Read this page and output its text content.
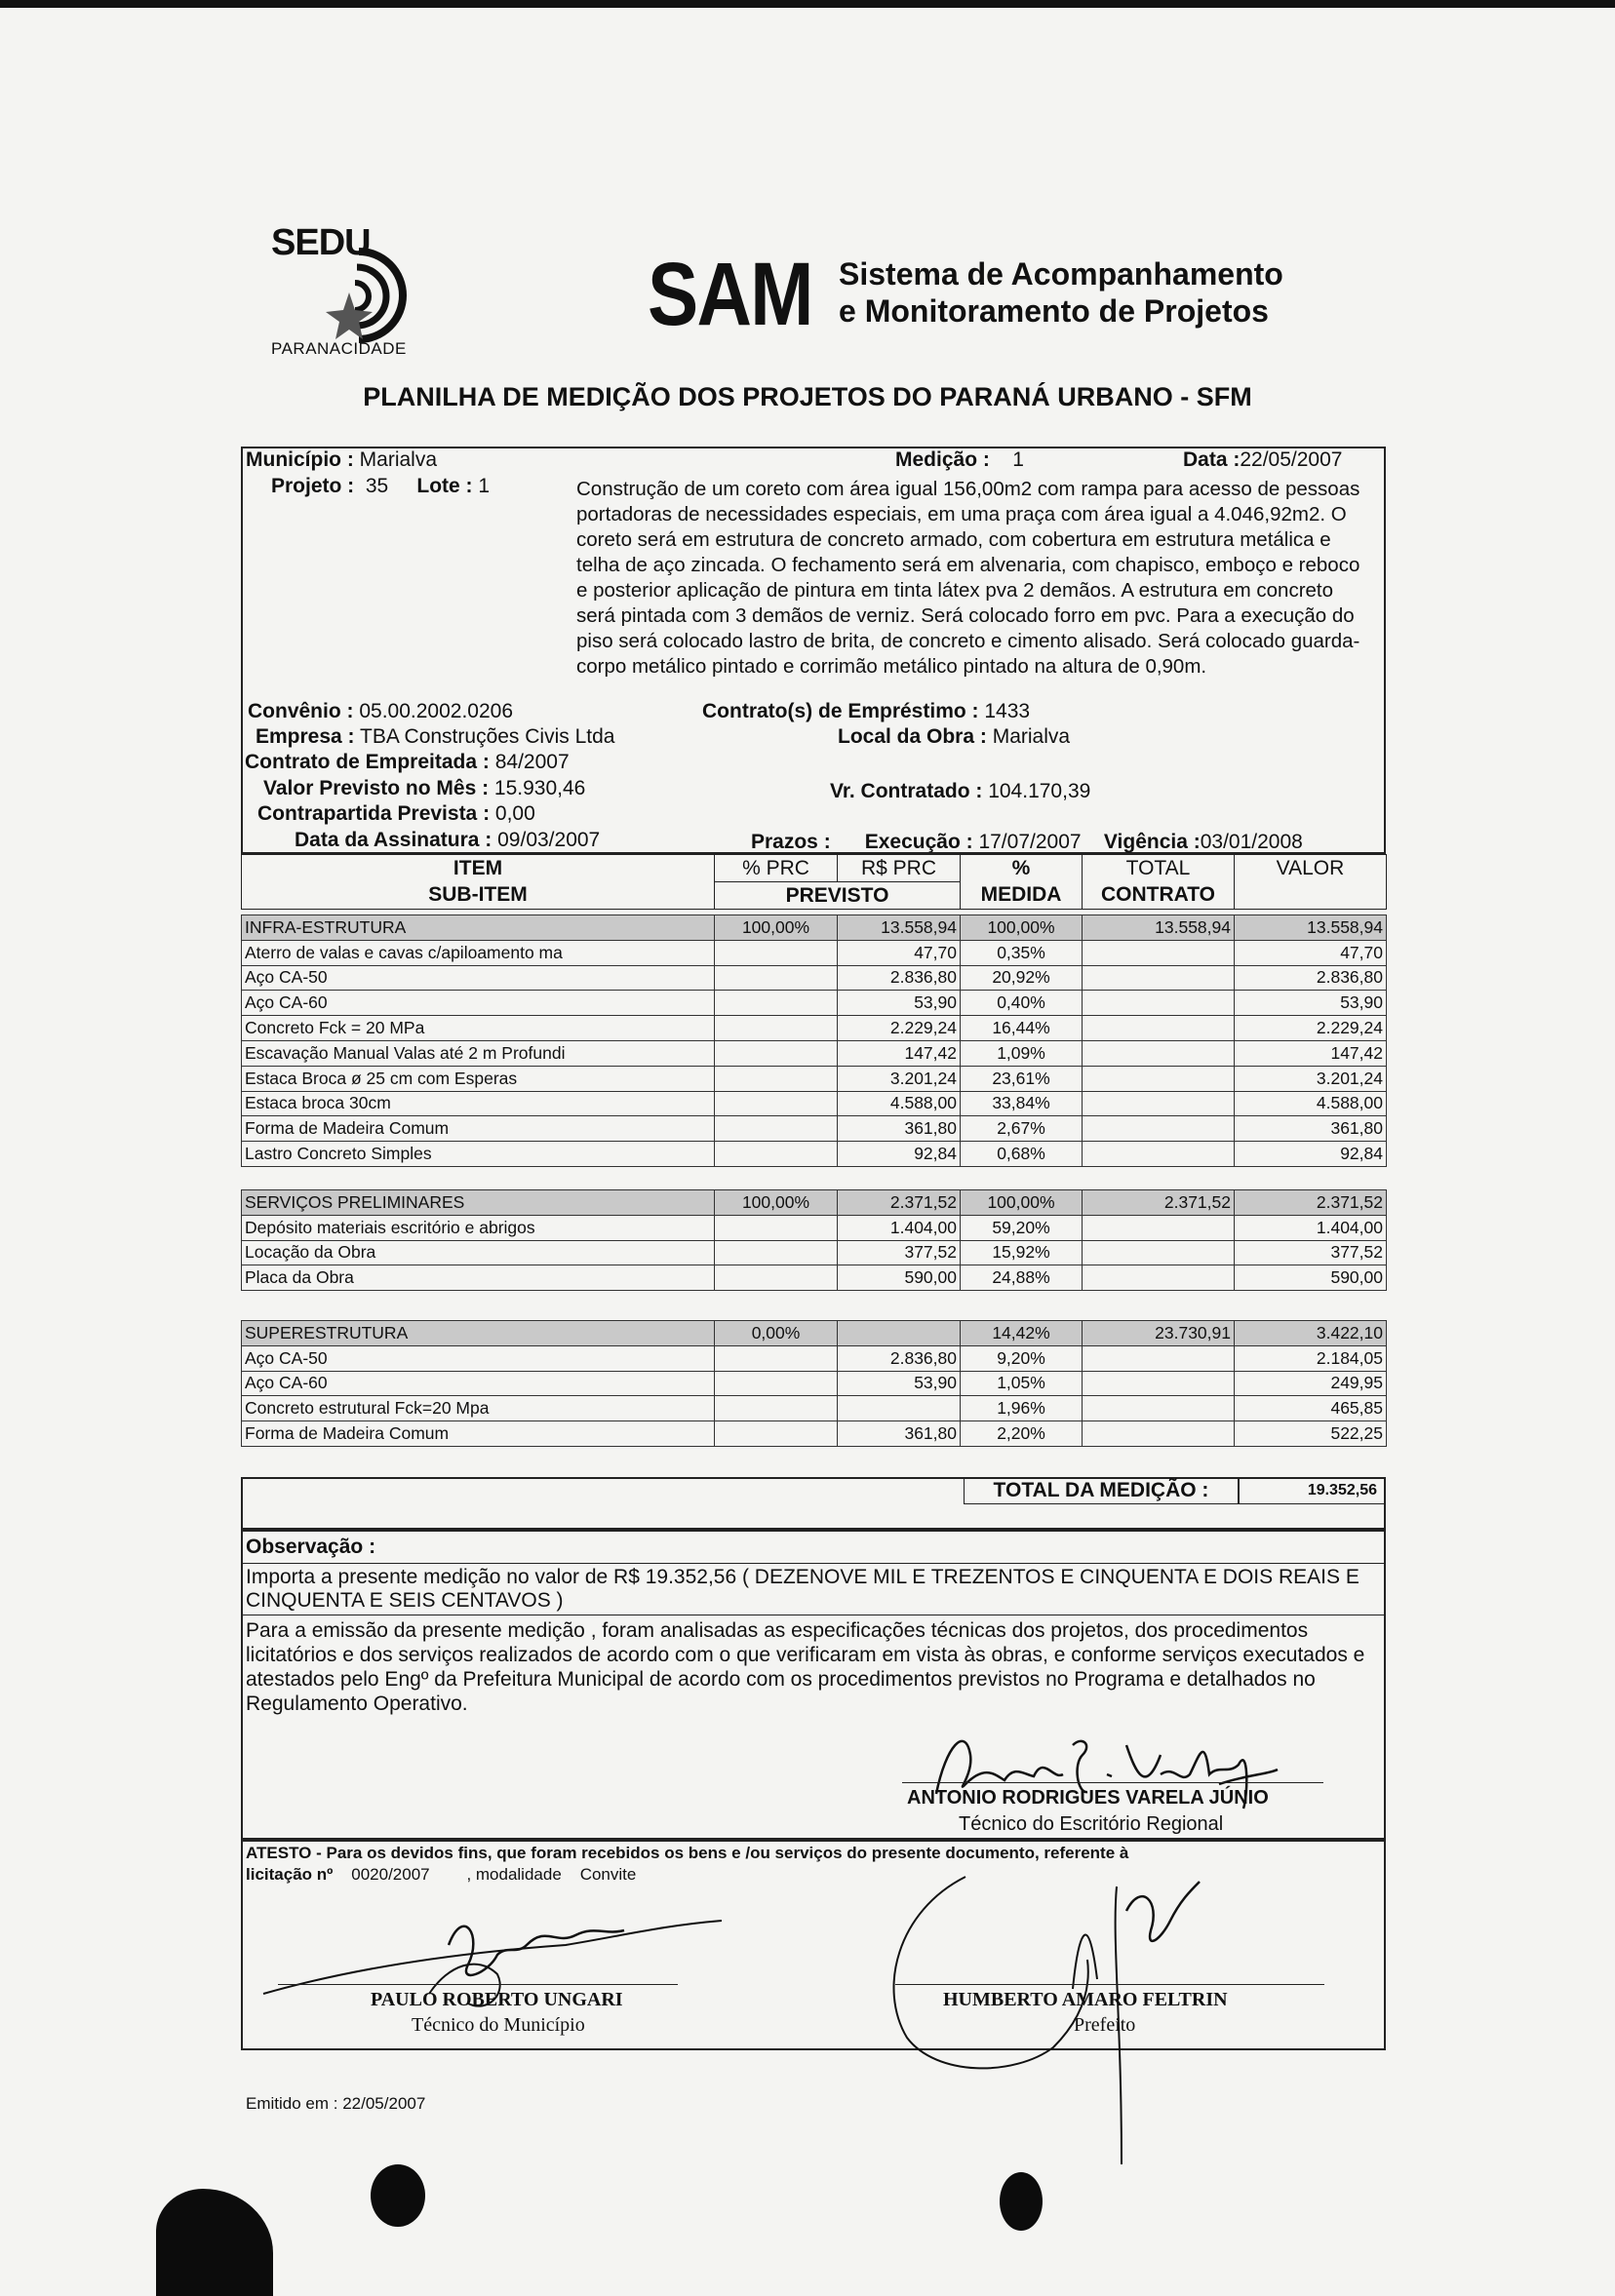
SEDU
PARANACIDADE
SAM Sistema de Acompanhamento
e Monitoramento de Projetos
PLANILHA DE MEDIÇÃO DOS PROJETOS DO PARANÁ URBANO - SFM
Município : Marialva	Medição : 1	Data :22/05/2007
Projeto : 35 Lote : 1	Construção de um coreto com área igual 156,00m2 com rampa para acesso de pessoas portadoras de necessidades especiais, em uma praça com área igual a 4.046,92m2. O coreto será em estrutura de concreto armado, com cobertura em estrutura metálica e telha de aço zincada. O fechamento será em alvenaria, com chapisco, emboço e reboco e posterior aplicação de pintura em tinta látex pva 2 demãos. A estrutura em concreto será pintada com 3 demãos de verniz. Será colocado forro em pvc. Para a execução do piso será colocado lastro de brita, de concreto e cimento alisado. Será colocado guarda-corpo metálico pintado e corrimão metálico pintado na altura de 0,90m.
Convênio : 05.00.2002.0206	Contrato(s) de Empréstimo : 1433
Empresa : TBA Construções Civis Ltda	Local da Obra : Marialva
Contrato de Empreitada : 84/2007
Valor Previsto no Mês : 15.930,46	Vr. Contratado : 104.170,39
Contrapartida Prevista : 0,00
Data da Assinatura : 09/03/2007	Prazos : Execução : 17/07/2007 Vigência :03/01/2008
ITEM	% PRC	R$ PRC	%	TOTAL	VALOR
SUB-ITEM	PREVISTO		MEDIDA	CONTRATO	
INFRA-ESTRUTURA	100,00%	13.558,94	100,00%	13.558,94	13.558,94
Aterro de valas e cavas c/apiloamento ma		47,70	0,35%		47,70
Aço CA-50		2.836,80	20,92%		2.836,80
Aço CA-60		53,90	0,40%		53,90
Concreto Fck = 20 MPa		2.229,24	16,44%		2.229,24
Escavação Manual Valas até 2 m Profundi		147,42	1,09%		147,42
Estaca Broca ø 25 cm com Esperas		3.201,24	23,61%		3.201,24
Estaca broca 30cm		4.588,00	33,84%		4.588,00
Forma de Madeira Comum		361,80	2,67%		361,80
Lastro Concreto Simples		92,84	0,68%		92,84
SERVIÇOS PRELIMINARES	100,00%	2.371,52	100,00%	2.371,52	2.371,52
Depósito materiais escritório e abrigos		1.404,00	59,20%		1.404,00
Locação da Obra		377,52	15,92%		377,52
Placa da Obra		590,00	24,88%		590,00
SUPERESTRUTURA	0,00%		14,42%	23.730,91	3.422,10
Aço CA-50		2.836,80	9,20%		2.184,05
Aço CA-60		53,90	1,05%		249,95
Concreto estrutural Fck=20 Mpa			1,96%		465,85
Forma de Madeira Comum		361,80	2,20%		522,25
TOTAL DA MEDIÇÃO :	19.352,56
Observação :
Importa a presente medição no valor de R$ 19.352,56 ( DEZENOVE MIL E TREZENTOS E CINQUENTA E DOIS REAIS E CINQUENTA E SEIS CENTAVOS )
Para a emissão da presente medição , foram analisadas as especificações técnicas dos projetos, dos procedimentos licitatórios e dos serviços realizados de acordo com o que verificaram em vista às obras, e conforme serviços executados e atestados pelo Engº da Prefeitura Municipal de acordo com os procedimentos previstos no Programa e detalhados no Regulamento Operativo.
ANTONIO RODRIGUES VARELA JÚNIO
Técnico do Escritório Regional
ATESTO - Para os devidos fins, que foram recebidos os bens e /ou serviços do presente documento, referente à
licitação nº 0020/2007 , modalidade Convite
PAULO ROBERTO UNGARI
Técnico do Município
HUMBERTO AMARO FELTRIN
Prefeito
Emitido em : 22/05/2007
